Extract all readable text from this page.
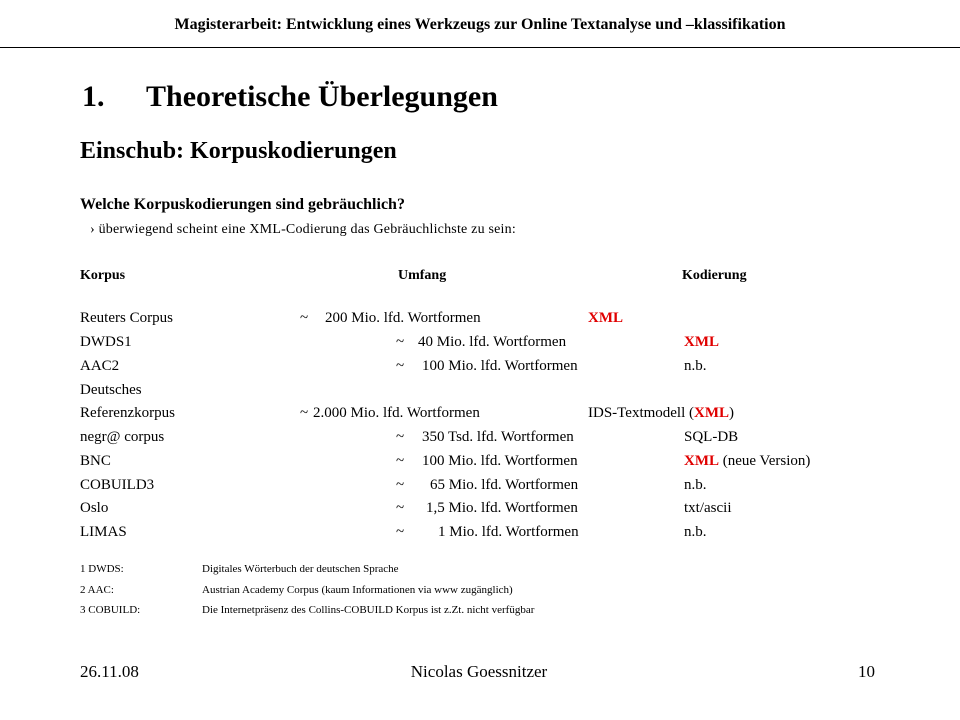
Magisterarbeit: Entwicklung eines Werkzeugs zur Online Textanalyse und –klassifikation
1. Theoretische Überlegungen
Einschub: Korpuskodierungen
Welche Korpuskodierungen sind gebräuchlich?
› überwiegend scheint eine XML-Codierung das Gebräuchlichste zu sein:
Korpus	Umfang	Kodierung
Reuters Corpus	~ 200 Mio. lfd. Wortformen	XML
DWDS1	~ 40 Mio. lfd. Wortformen	XML
AAC2	~ 100 Mio. lfd. Wortformen	n.b.
Deutsches
Referenzkorpus	~ 2.000 Mio. lfd. Wortformen	IDS-Textmodell (XML)
negr@ corpus	~ 350 Tsd. lfd. Wortformen	SQL-DB
BNC	~ 100 Mio. lfd. Wortformen	XML (neue Version)
COBUILD3	~ 65 Mio. lfd. Wortformen	n.b.
Oslo	~ 1,5 Mio. lfd. Wortformen	txt/ascii
LIMAS	~ 1 Mio. lfd. Wortformen	n.b.
1 DWDS:	Digitales Wörterbuch der deutschen Sprache
2 AAC:	Austrian Academy Corpus (kaum Informationen via www zugänglich)
3 COBUILD:	Die Internetpräsenz des Collins-COBUILD Korpus ist z.Zt. nicht verfügbar
26.11.08	Nicolas Goessnitzer	10
